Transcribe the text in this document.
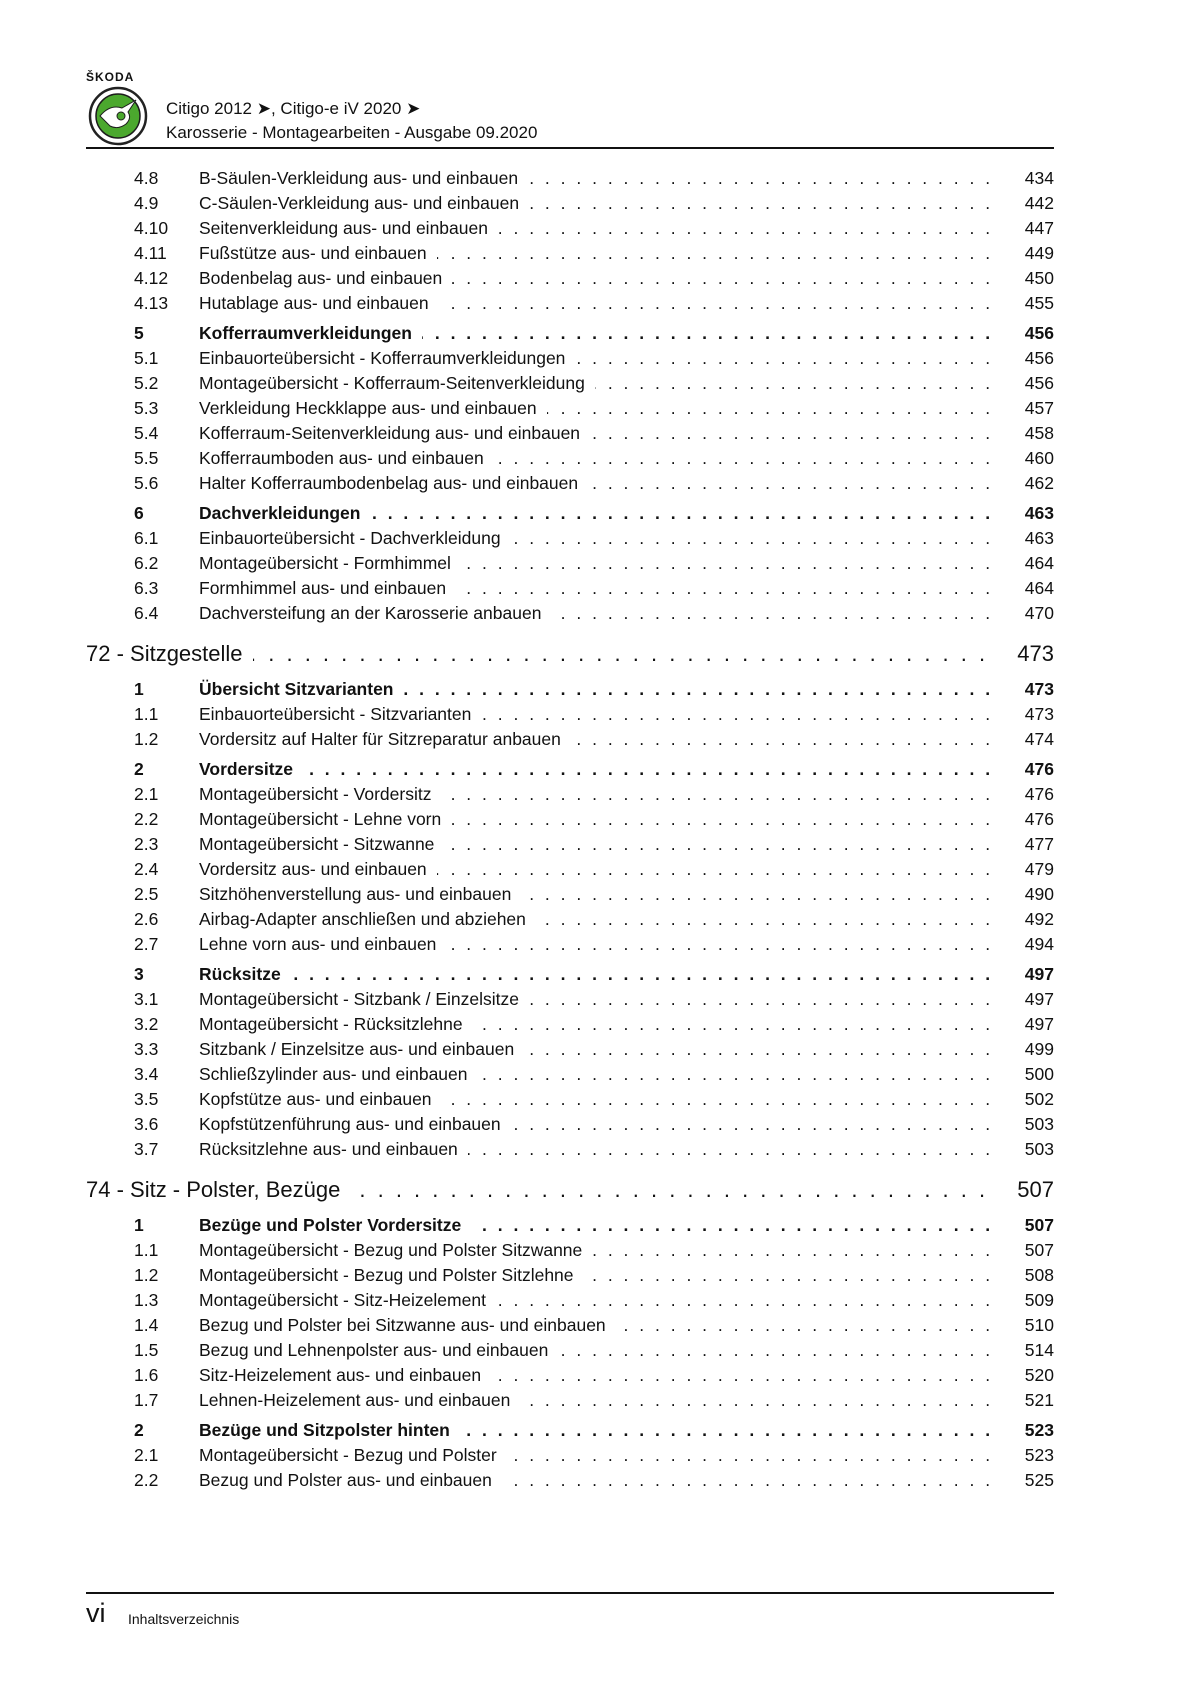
ŠKODA
Citigo 2012 ➤, Citigo-e iV 2020 ➤
Karosserie - Montagearbeiten - Ausgabe 09.2020
4.8 B-Säulen-Verkleidung aus- und einbauen . . .	434
4.9 C-Säulen-Verkleidung aus- und einbauen . . .	442
4.10 Seitenverkleidung aus- und einbauen . . .	447
4.11 Fußstütze aus- und einbauen . . .	449
4.12 Bodenbelag aus- und einbauen . . .	450
4.13 Hutablage aus- und einbauen . . .	455
5	Kofferraumverkleidungen . . .	456
5.1 Einbauorteübersicht - Kofferraumverkleidungen . . .	456
5.2 Montageübersicht - Kofferraum-Seitenverkleidung . . .	456
5.3 Verkleidung Heckklappe aus- und einbauen . . .	457
5.4 Kofferraum-Seitenverkleidung aus- und einbauen . . .	458
5.5 Kofferraumboden aus- und einbauen . . .	460
5.6 Halter Kofferraumbodenbelag aus- und einbauen . . .	462
6	Dachverkleidungen . . .	463
6.1 Einbauorteübersicht - Dachverkleidung . . .	463
6.2 Montageübersicht - Formhimmel . . .	464
6.3 Formhimmel aus- und einbauen . . .	464
6.4 Dachversteifung an der Karosserie anbauen . . .	470
72 - Sitzgestelle . . .	473
1	Übersicht Sitzvarianten . . .	473
1.1 Einbauorteübersicht - Sitzvarianten . . .	473
1.2 Vordersitz auf Halter für Sitzreparatur anbauen . . .	474
2	Vordersitze . . .	476
2.1 Montageübersicht - Vordersitz . . .	476
2.2 Montageübersicht - Lehne vorn . . .	476
2.3 Montageübersicht - Sitzwanne . . .	477
2.4 Vordersitz aus- und einbauen . . .	479
2.5 Sitzhöhenverstellung aus- und einbauen . . .	490
2.6 Airbag-Adapter anschließen und abziehen . . .	492
2.7 Lehne vorn aus- und einbauen . . .	494
3	Rücksitze . . .	497
3.1 Montageübersicht - Sitzbank / Einzelsitze . . .	497
3.2 Montageübersicht - Rücksitzlehne . . .	497
3.3 Sitzbank / Einzelsitze aus- und einbauen . . .	499
3.4 Schließzylinder aus- und einbauen . . .	500
3.5 Kopfstütze aus- und einbauen . . .	502
3.6 Kopfstützenführung aus- und einbauen . . .	503
3.7 Rücksitzlehne aus- und einbauen . . .	503
74 - Sitz - Polster, Bezüge . . .	507
1	Bezüge und Polster Vordersitze . . .	507
1.1 Montageübersicht - Bezug und Polster Sitzwanne . . .	507
1.2 Montageübersicht - Bezug und Polster Sitzlehne . . .	508
1.3 Montageübersicht - Sitz-Heizelement . . .	509
1.4 Bezug und Polster bei Sitzwanne aus- und einbauen . . .	510
1.5 Bezug und Lehnenpolster aus- und einbauen . . .	514
1.6 Sitz-Heizelement aus- und einbauen . . .	520
1.7 Lehnen-Heizelement aus- und einbauen . . .	521
2	Bezüge und Sitzpolster hinten . . .	523
2.1 Montageübersicht - Bezug und Polster . . .	523
2.2 Bezug und Polster aus- und einbauen . . .	525
vi Inhaltsverzeichnis
